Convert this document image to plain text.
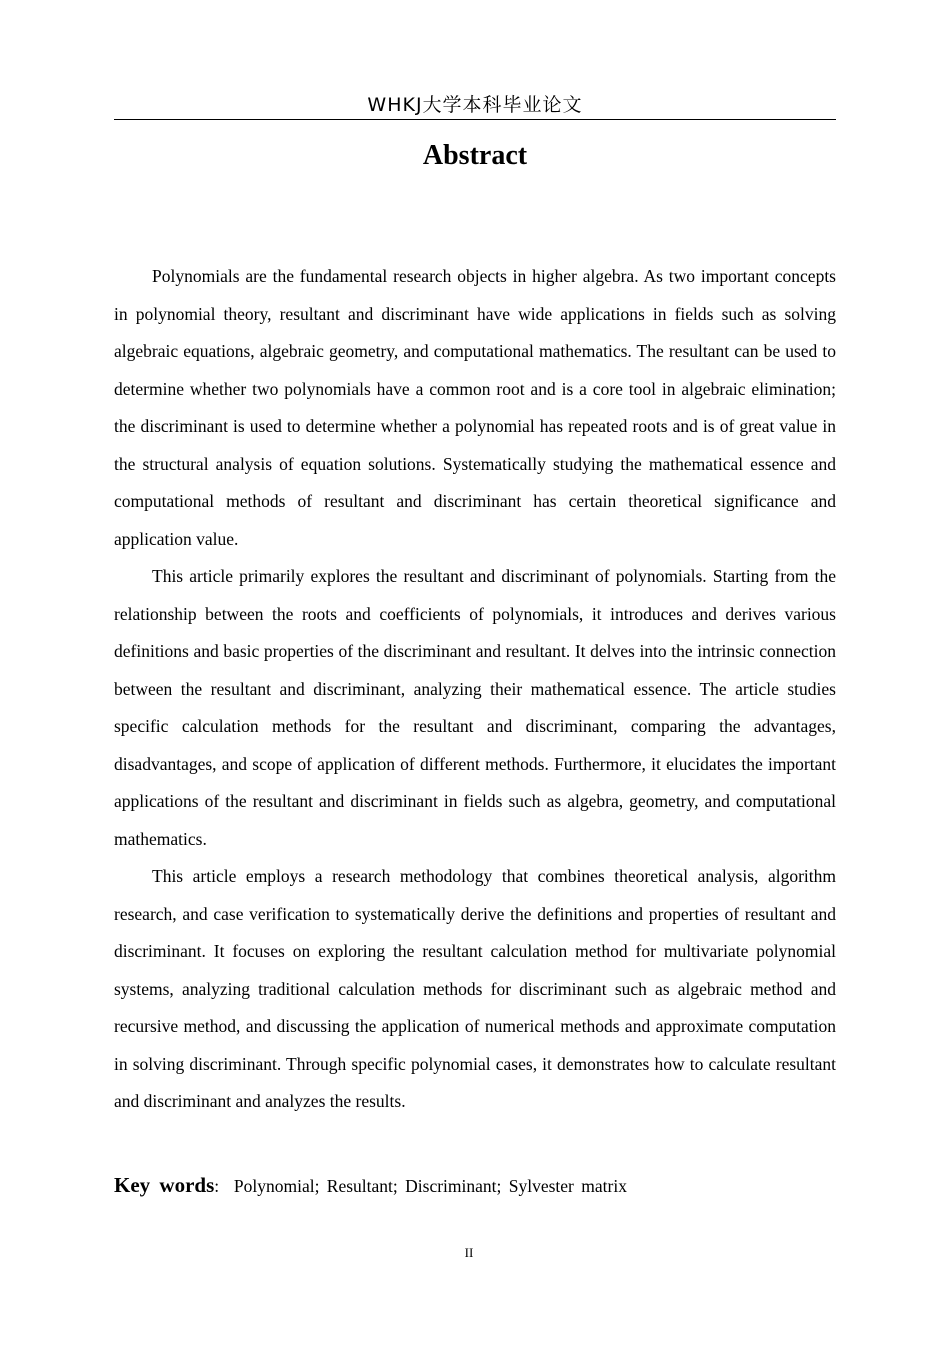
WHKJ大学本科毕业论文
Abstract

Polynomials are the fundamental research objects in higher algebra. As two important concepts in polynomial theory, resultant and discriminant have wide applications in fields such as solving algebraic equations, algebraic geometry, and computational mathematics. The resultant can be used to determine whether two polynomials have a common root and is a core tool in algebraic elimination; the discriminant is used to determine whether a polynomial has repeated roots and is of great value in the structural analysis of equation solutions. Systematically studying the mathematical essence and computational methods of resultant and discriminant has certain theoretical significance and application value.

This article primarily explores the resultant and discriminant of polynomials. Starting from the relationship between the roots and coefficients of polynomials, it introduces and derives various definitions and basic properties of the discriminant and resultant. It delves into the intrinsic connection between the resultant and discriminant, analyzing their mathematical essence. The article studies specific calculation methods for the resultant and discriminant, comparing the advantages, disadvantages, and scope of application of different methods. Furthermore, it elucidates the important applications of the resultant and discriminant in fields such as algebra, geometry, and computational mathematics.

This article employs a research methodology that combines theoretical analysis, algorithm research, and case verification to systematically derive the definitions and properties of resultant and discriminant. It focuses on exploring the resultant calculation method for multivariate polynomial systems, analyzing traditional calculation methods for discriminant such as algebraic method and recursive method, and discussing the application of numerical methods and approximate computation in solving discriminant. Through specific polynomial cases, it demonstrates how to calculate resultant and discriminant and analyzes the results.

Key words: Polynomial; Resultant; Discriminant; Sylvester matrix
II
